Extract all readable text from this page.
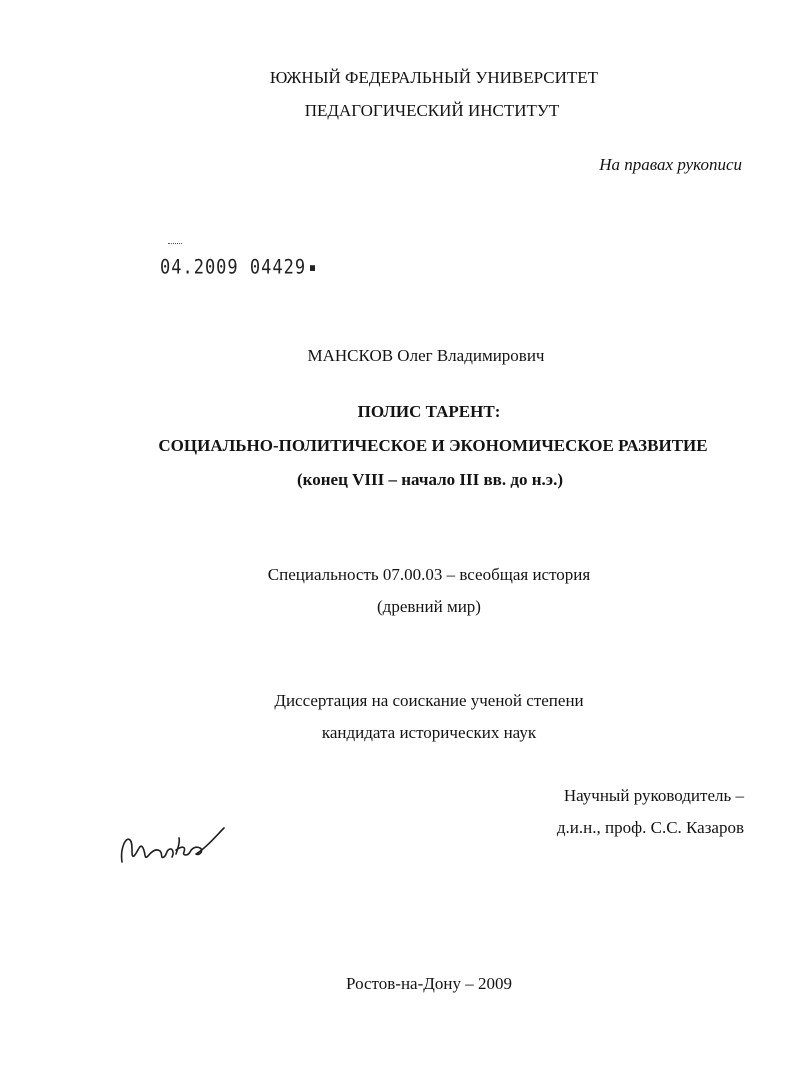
ЮЖНЫЙ ФЕДЕРАЛЬНЫЙ УНИВЕРСИТЕТ
ПЕДАГОГИЧЕСКИЙ ИНСТИТУТ
На правах рукописи
04.2009 04429
МАНСКОВ Олег Владимирович
ПОЛИС ТАРЕНТ:
СОЦИАЛЬНО-ПОЛИТИЧЕСКОЕ И ЭКОНОМИЧЕСКОЕ РАЗВИТИЕ
(конец VIII – начало III вв. до н.э.)
Специальность 07.00.03 – всеобщая история
(древний мир)
Диссертация на соискание ученой степени
кандидата исторических наук
Научный руководитель –
д.и.н., проф. С.С. Казаров
Ростов-на-Дону – 2009
